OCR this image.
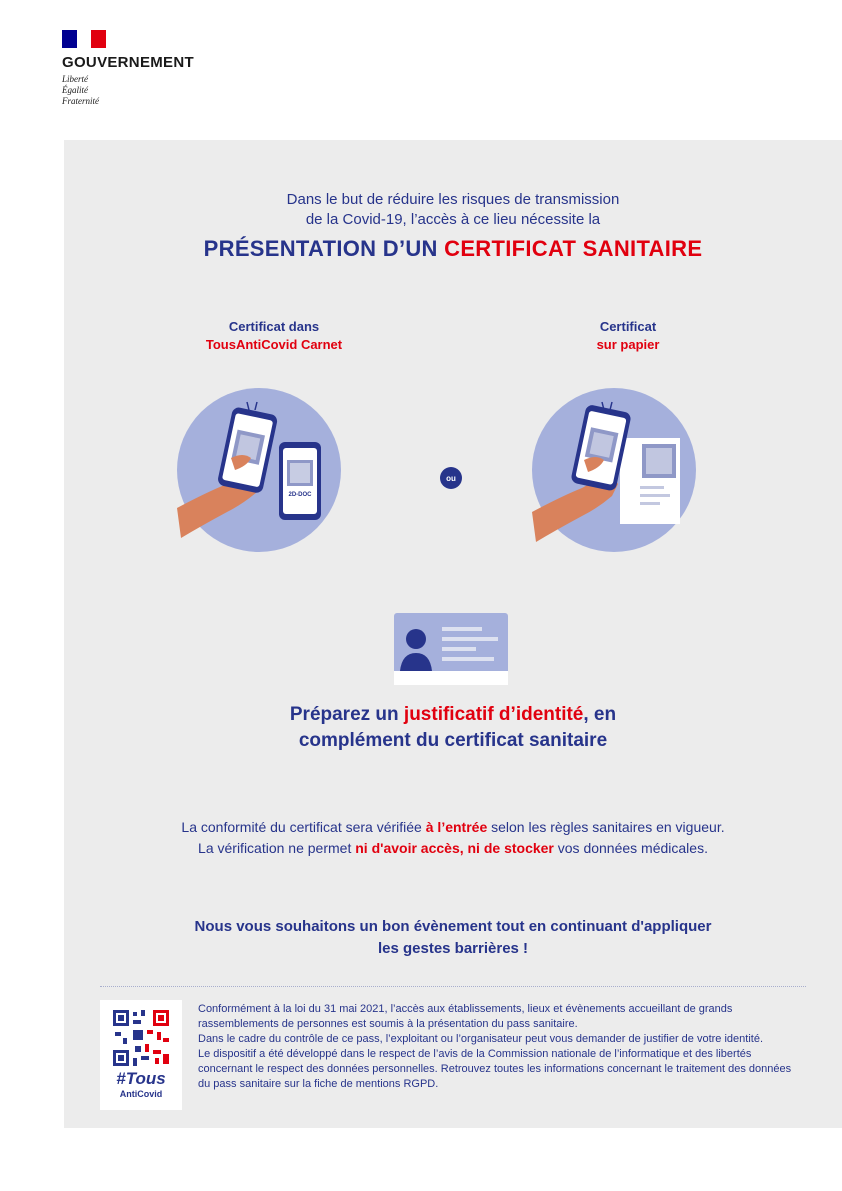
GOUVERNEMENT
Liberté
Égalité
Fraternité
Dans le but de réduire les risques de transmission
de la Covid-19, l’accès à ce lieu nécessite la
PRÉSENTATION D’UN CERTIFICAT SANITAIRE
Certificat dans
TousAntiCovid Carnet
Certificat
sur papier
2D-DOC
ou
Préparez un justificatif d’identité, en
complément du certificat sanitaire
La conformité du certificat sera vérifiée à l’entrée selon les règles sanitaires en vigueur.
La vérification ne permet ni d'avoir accès, ni de stocker vos données médicales.
Nous vous souhaitons un bon évènement tout en continuant d'appliquer
les gestes barrières !
#Tous
AntiCovid

Conformément à la loi du 31 mai 2021, l’accès aux établissements, lieux et évènements accueillant de grands rassemblements de personnes est soumis à la présentation du pass sanitaire.

Dans le cadre du contrôle de ce pass, l’exploitant ou l’organisateur peut vous demander de justifier de votre identité.

Le dispositif a été développé dans le respect de l’avis de la Commission nationale de l’informatique et des libertés concernant le respect des données personnelles. Retrouvez toutes les informations concernant le traitement des données du pass sanitaire sur la fiche de mentions RGPD.
